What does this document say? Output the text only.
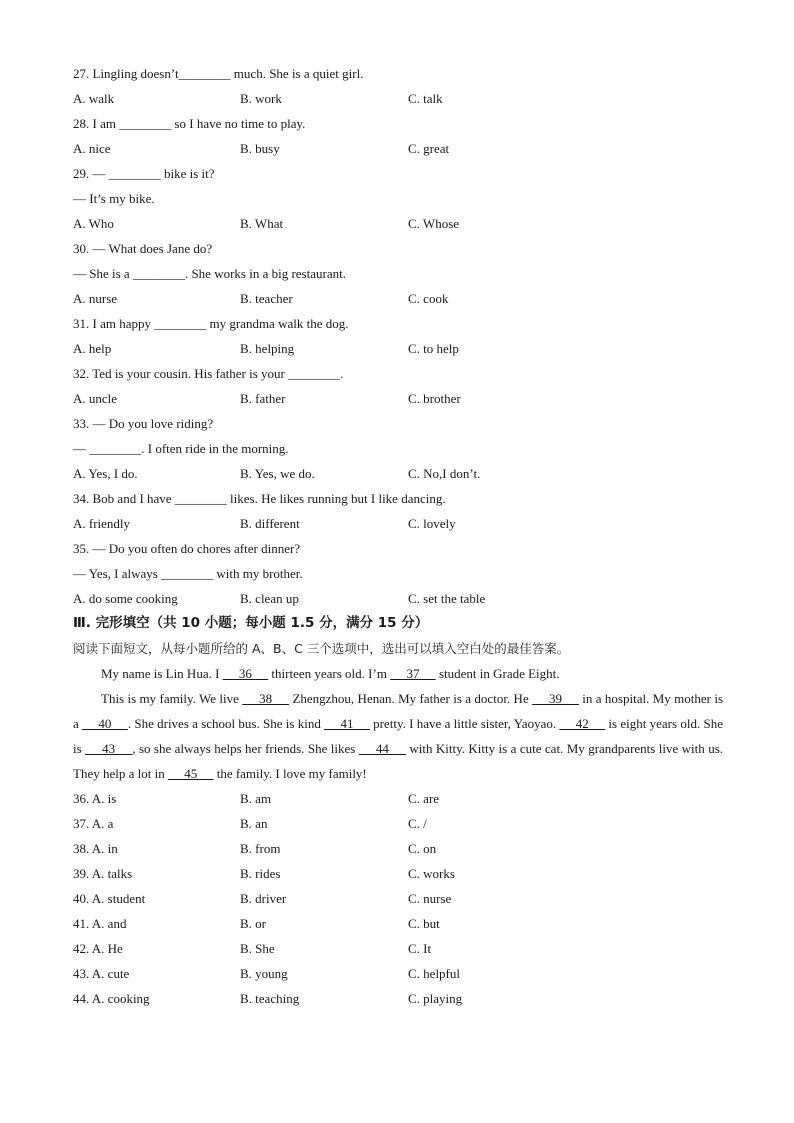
27. Lingling doesn’t________ much. She is a quiet girl.
A. walk	B. work	C. talk
28. I am ________ so I have no time to play.
A. nice	B. busy	C. great
29. — ________ bike is it?
— It’s my bike.
A. Who	B. What	C. Whose
30. — What does Jane do?
— She is a ________. She works in a big restaurant.
A. nurse	B. teacher	C. cook
31. I am happy ________ my grandma walk the dog.
A. help	B. helping	C. to help
32. Ted is your cousin. His father is your ________.
A. uncle	B. father	C. brother
33. — Do you love riding?
— ________. I often ride in the morning.
A. Yes, I do.	B. Yes, we do.	C. No,I don’t.
34. Bob and I have ________ likes. He likes running but I like dancing.
A. friendly	B. different	C. lovely
35. — Do you often do chores after dinner?
— Yes, I always ________ with my brother.
A. do some cooking	B. clean up	C. set the table
Ⅲ. 完形填空（共 10 小题；每小题 1.5 分，满分 15 分）
阅读下面短文，从每小题所给的 A、B、C 三个选项中，选出可以填入空白处的最佳答案。

My name is Lin Hua. I      36      thirteen years old. I’m      37      student in Grade Eight.

This is my family. We live      38      Zhengzhou, Henan. My father is a doctor. He      39      in a hospital. My mother is a      40     . She drives a school bus. She is kind      41      pretty. I have a little sister, Yaoyao.      42      is eight years old. She is      43     , so she always helps her friends. She likes      44      with Kitty. Kitty is a cute cat. My grandparents live with us. They help a lot in      45      the family. I love my family!

36. A. is	B. am	C. are
37. A. a	B. an	C. /
38. A. in	B. from	C. on
39. A. talks	B. rides	C. works
40. A. student	B. driver	C. nurse
41. A. and	B. or	C. but
42. A. He	B. She	C. It
43. A. cute	B. young	C. helpful
44. A. cooking	B. teaching	C. playing
